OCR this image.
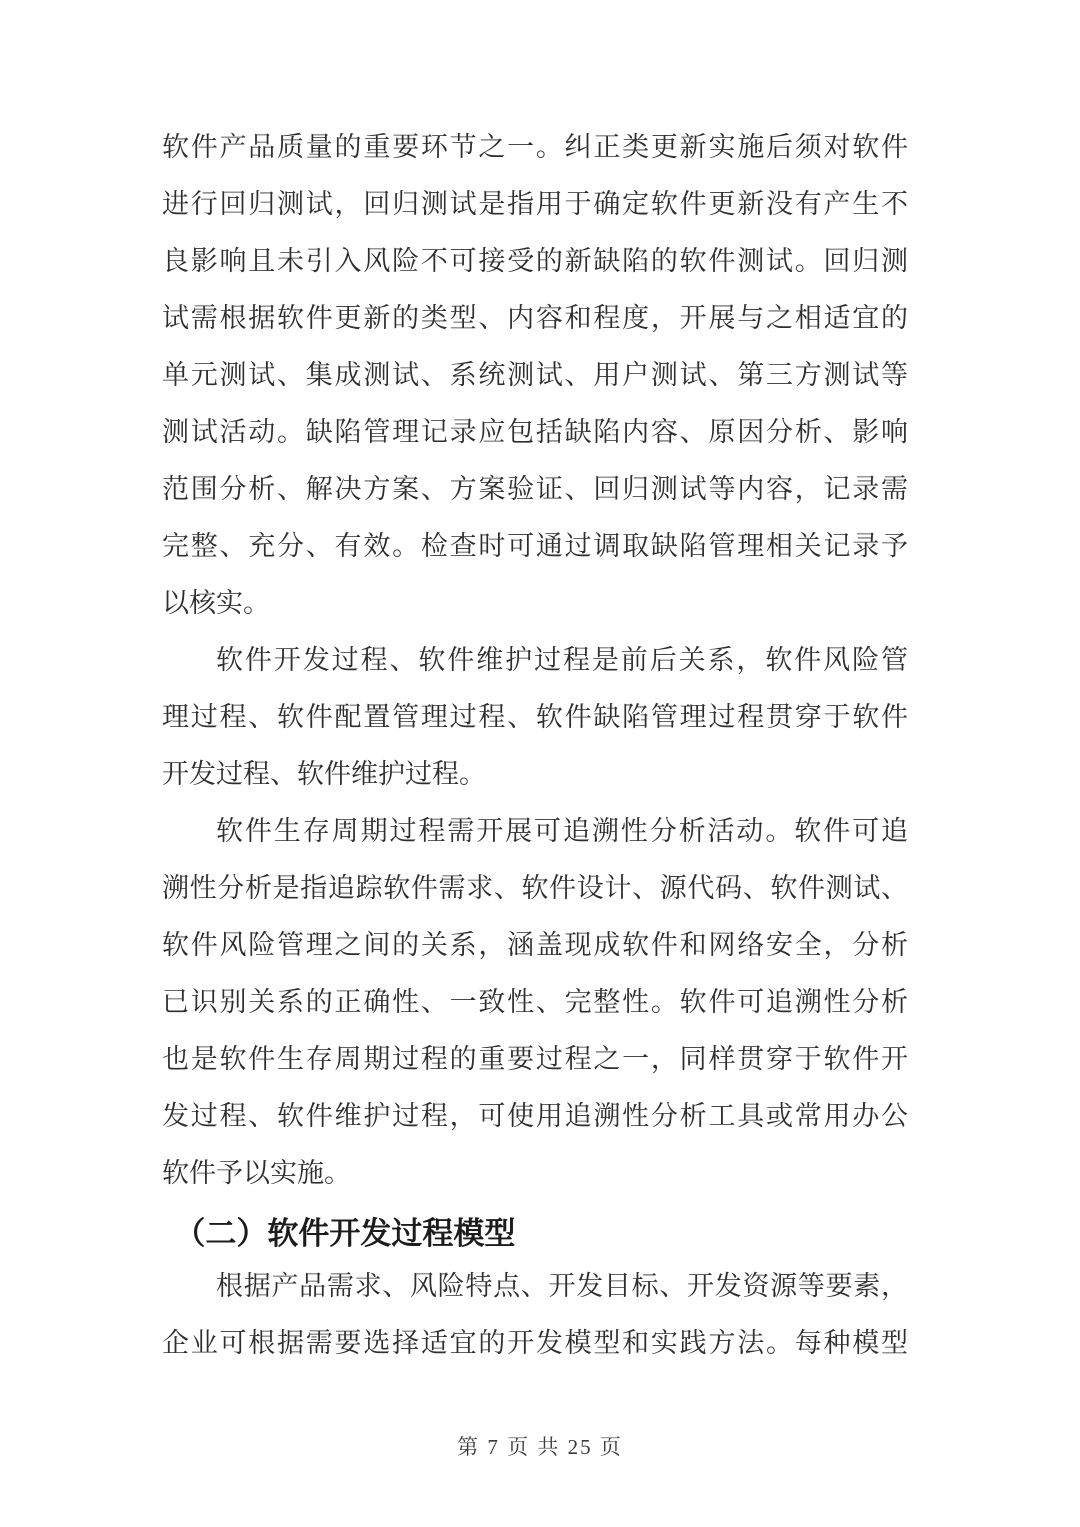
软件产品质量的重要环节之一。纠正类更新实施后须对软件
进行回归测试，回归测试是指用于确定软件更新没有产生不
良影响且未引入风险不可接受的新缺陷的软件测试。回归测
试需根据软件更新的类型、内容和程度，开展与之相适宜的
单元测试、集成测试、系统测试、用户测试、第三方测试等
测试活动。缺陷管理记录应包括缺陷内容、原因分析、影响
范围分析、解决方案、方案验证、回归测试等内容，记录需
完整、充分、有效。检查时可通过调取缺陷管理相关记录予
以核实。
软件开发过程、软件维护过程是前后关系，软件风险管
理过程、软件配置管理过程、软件缺陷管理过程贯穿于软件
开发过程、软件维护过程。
软件生存周期过程需开展可追溯性分析活动。软件可追
溯性分析是指追踪软件需求、软件设计、源代码、软件测试、
软件风险管理之间的关系，涵盖现成软件和网络安全，分析
已识别关系的正确性、一致性、完整性。软件可追溯性分析
也是软件生存周期过程的重要过程之一，同样贯穿于软件开
发过程、软件维护过程，可使用追溯性分析工具或常用办公
软件予以实施。
（二）软件开发过程模型
根据产品需求、风险特点、开发目标、开发资源等要素，
企业可根据需要选择适宜的开发模型和实践方法。每种模型
第 7 页 共 25 页
